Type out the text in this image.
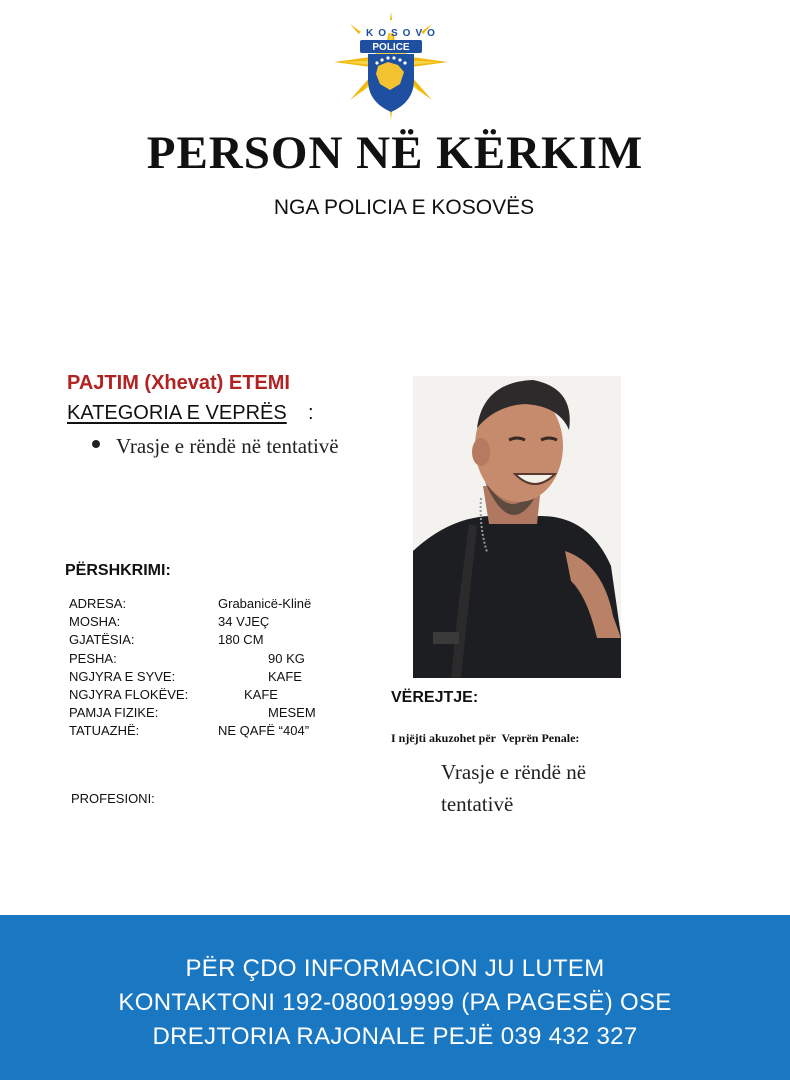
KOSOVO
POLICE
PERSON NË KËRKIM
NGA POLICIA E KOSOVËS
PAJTIM (Xhevat) ETEMI
KATEGORIA E VEPRËS :
Vrasje e rëndë në tentativë
PËRSHKRIMI:
ADRESA:	Grabanicë-Klinë
MOSHA:	34 VJEÇ
GJATËSIA:	180 CM
PESHA:	90 KG
NGJYRA E SYVE:	KAFE
NGJYRA FLOKËVE:	KAFE
PAMJA FIZIKE:	MESEM
TATUAZHË:	NE QAFË “404”
PROFESIONI:
VËREJTJE:
I njëjti akuzohet për  Veprën Penale:
Vrasje e rëndë në tentativë
PËR ÇDO INFORMACION JU LUTEM
KONTAKTONI 192-080019999 (PA PAGESË) OSE
DREJTORIA RAJONALE PEJË 039 432 327
